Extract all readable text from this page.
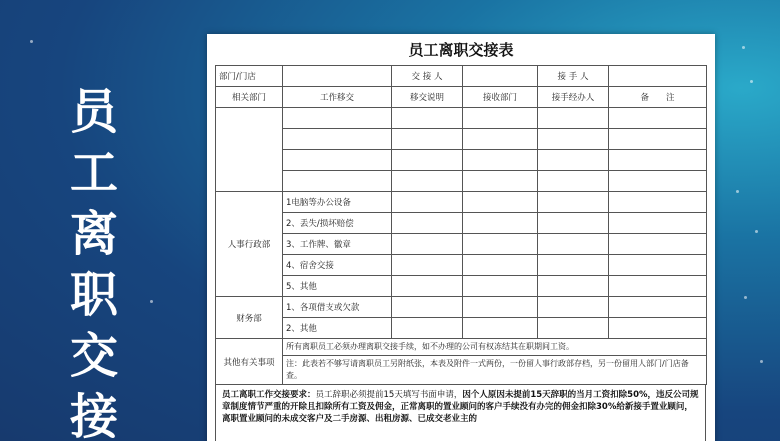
员
工
离
职
交
接
员工离职交接表
部门/门店		交 接 人		接 手 人	
相关部门	工作移交	移交说明	接收部门	接手经办人	备　　注

人事行政部	1电脑等办公设备				
	2、丢失/损坏赔偿				
	3、工作牌、徽章				
	4、宿舍交接				
	5、其他				
财务部	1、各项借支或欠款				
	2、其他				
其他有关事项	所有离职员工必须办理离职交接手续，如不办理的公司有权冻结其在职期间工资。				
	注：此表若不够写请离职员工另附纸张，本表及附件一式两份，一份留人事行政部存档，另一份留用人部门/门店备查。				
员工离职工作交接要求：员工辞职必须提前15天填写书面申请，因个人原因未提前15天辞职的当月工资扣除50%，违反公司规章制度情节严重的开除且扣除所有工资及佣金，正常离职的置业顾问的客户手续没有办完的佣金扣除30%给新接手置业顾问，离职置业顾问的未成交客户及二手房源、出租房源、已成交老业主的
